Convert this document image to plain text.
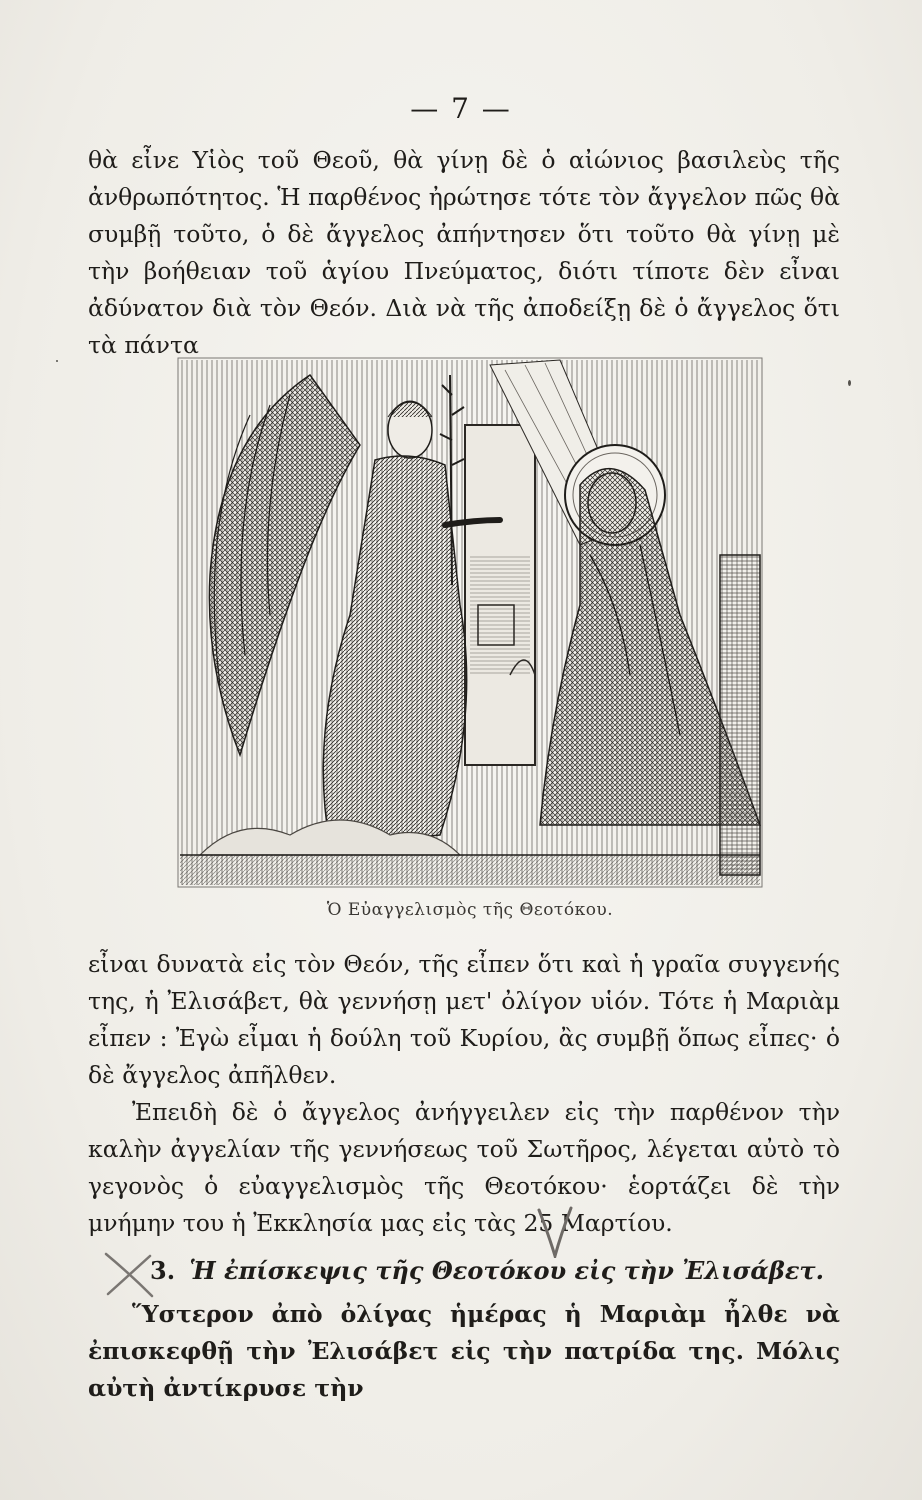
— 7 —

θὰ εἶνε Υἱὸς τοῦ Θεοῦ, θὰ γίνῃ δὲ ὁ αἰώνιος βασιλεὺς τῆς ἀνθρωπότητος. Ἡ παρθένος ἠρώτησε τότε τὸν ἄγγελον πῶς θὰ συμβῇ τοῦτο, ὁ δὲ ἄγγελος ἀπήντησεν ὅτι τοῦτο θὰ γίνῃ μὲ τὴν βοήθειαν τοῦ ἁγίου Πνεύματος, διότι τίποτε δὲν εἶναι ἀδύνατον διὰ τὸν Θεόν. Διὰ νὰ τῆς ἀποδείξῃ δὲ ὁ ἄγγελος ὅτι τὰ πάντα

Ὁ Εὐαγγελισμὸς τῆς Θεοτόκου.

εἶναι δυνατὰ εἰς τὸν Θεόν, τῆς εἶπεν ὅτι καὶ ἡ γραῖα συγγενής της, ἡ Ἐλισάβετ, θὰ γεννήσῃ μετ' ὀλίγον υἱόν. Τότε ἡ Μαριὰμ εἶπεν : Ἐγὼ εἶμαι ἡ δούλη τοῦ Κυρίου, ἂς συμβῇ ὅπως εἶπες· ὁ δὲ ἄγγελος ἀπῆλθεν.

Ἐπειδὴ δὲ ὁ ἄγγελος ἀνήγγειλεν εἰς τὴν παρθένον τὴν καλὴν ἀγγελίαν τῆς γεννήσεως τοῦ Σωτῆρος, λέγεται αὐτὸ τὸ γεγονὸς ὁ εὐαγγελισμὸς τῆς Θεοτόκου· ἑορτάζει δὲ τὴν μνήμην του ἡ Ἐκκλησία μας εἰς τὰς 25 Μαρτίου.

3. Ἡ ἐπίσκεψις τῆς Θεοτόκου εἰς τὴν Ἐλισάβετ.

Ὕστερον ἀπὸ ὀλίγας ἡμέρας ἡ Μαριὰμ ἦλθε νὰ ἐπισκεφθῇ τὴν Ἐλισάβετ εἰς τὴν πατρίδα της. Μόλις αὐτὴ ἀντίκρυσε τὴν
